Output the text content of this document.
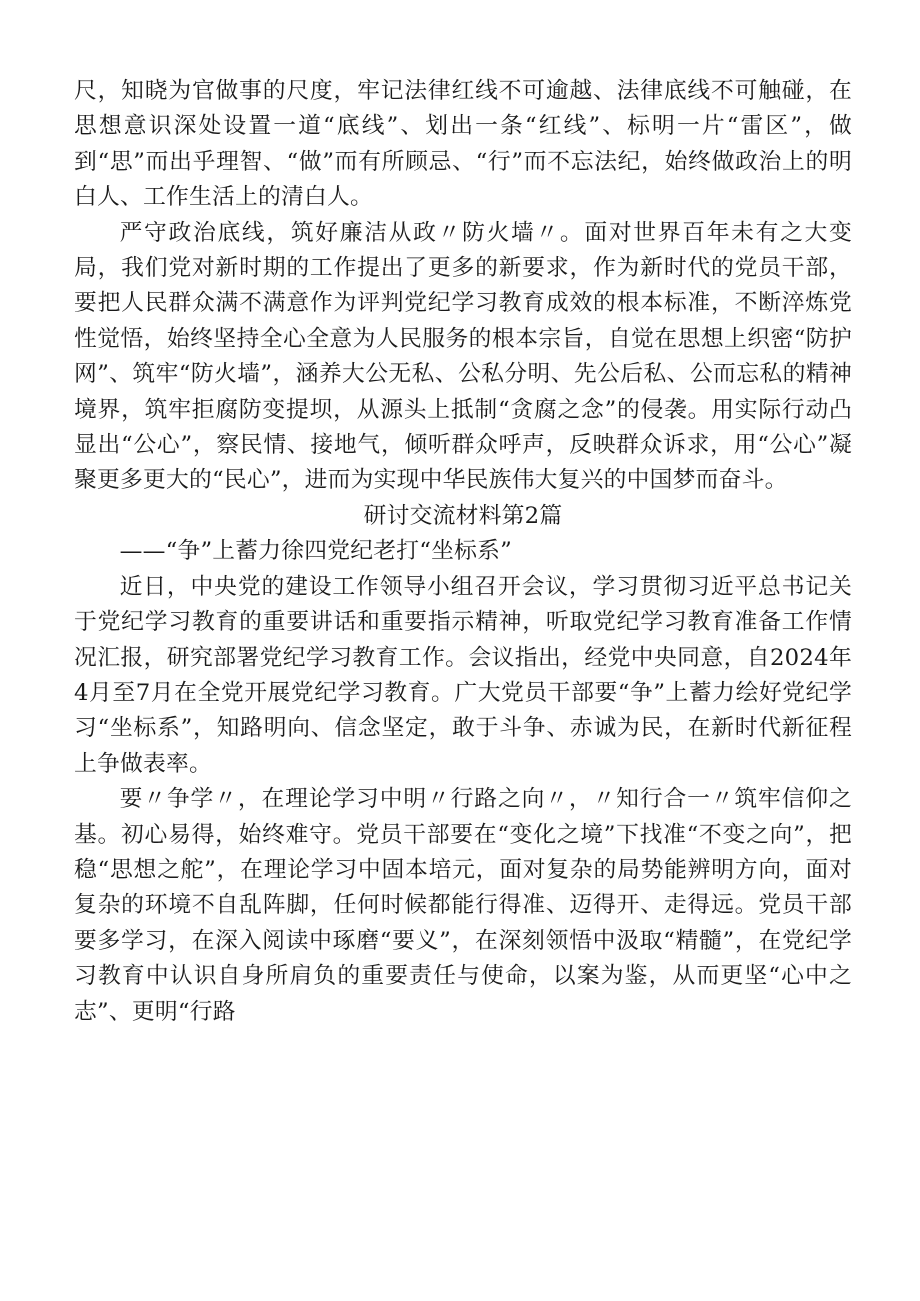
尺，知晓为官做事的尺度，牢记法律红线不可逾越、法律底线不可触碰，在思想意识深处设置一道“底线”、划出一条“红线”、标明一片“雷区”，做到“思”而出乎理智、“做”而有所顾忌、“行”而不忘法纪，始终做政治上的明白人、工作生活上的清白人。

严守政治底线，筑好廉洁从政〃防火墙〃。面对世界百年未有之大变局，我们党对新时期的工作提出了更多的新要求，作为新时代的党员干部，要把人民群众满不满意作为评判党纪学习教育成效的根本标准，不断淬炼党性觉悟，始终坚持全心全意为人民服务的根本宗旨，自觉在思想上织密“防护网”、筑牢“防火墙”，涵养大公无私、公私分明、先公后私、公而忘私的精神境界，筑牢拒腐防变提坝，从源头上抵制“贪腐之念”的侵袭。用实际行动凸显出“公心”，察民情、接地气，倾听群众呼声，反映群众诉求，用“公心”凝聚更多更大的“民心”，进而为实现中华民族伟大复兴的中国梦而奋斗。

研讨交流材料第2篇

——“争”上蓄力徐四党纪老打“坐标系”

近日，中央党的建设工作领导小组召开会议，学习贯彻习近平总书记关于党纪学习教育的重要讲话和重要指示精神，听取党纪学习教育准备工作情况汇报，研究部署党纪学习教育工作。会议指出，经党中央同意，自2024年4月至7月在全党开展党纪学习教育。广大党员干部要“争”上蓄力绘好党纪学习“坐标系”，知路明向、信念坚定，敢于斗争、赤诚为民，在新时代新征程上争做表率。

要〃争学〃，在理论学习中明〃行路之向〃，〃知行合一〃筑牢信仰之基。初心易得，始终难守。党员干部要在“变化之境”下找准“不变之向”，把稳“思想之舵”，在理论学习中固本培元，面对复杂的局势能辨明方向，面对复杂的环境不自乱阵脚，任何时候都能行得准、迈得开、走得远。党员干部要多学习，在深入阅读中琢磨“要义”，在深刻领悟中汲取“精髓”，在党纪学习教育中认识自身所肩负的重要责任与使命，以案为鉴，从而更坚“心中之志”、更明“行路
